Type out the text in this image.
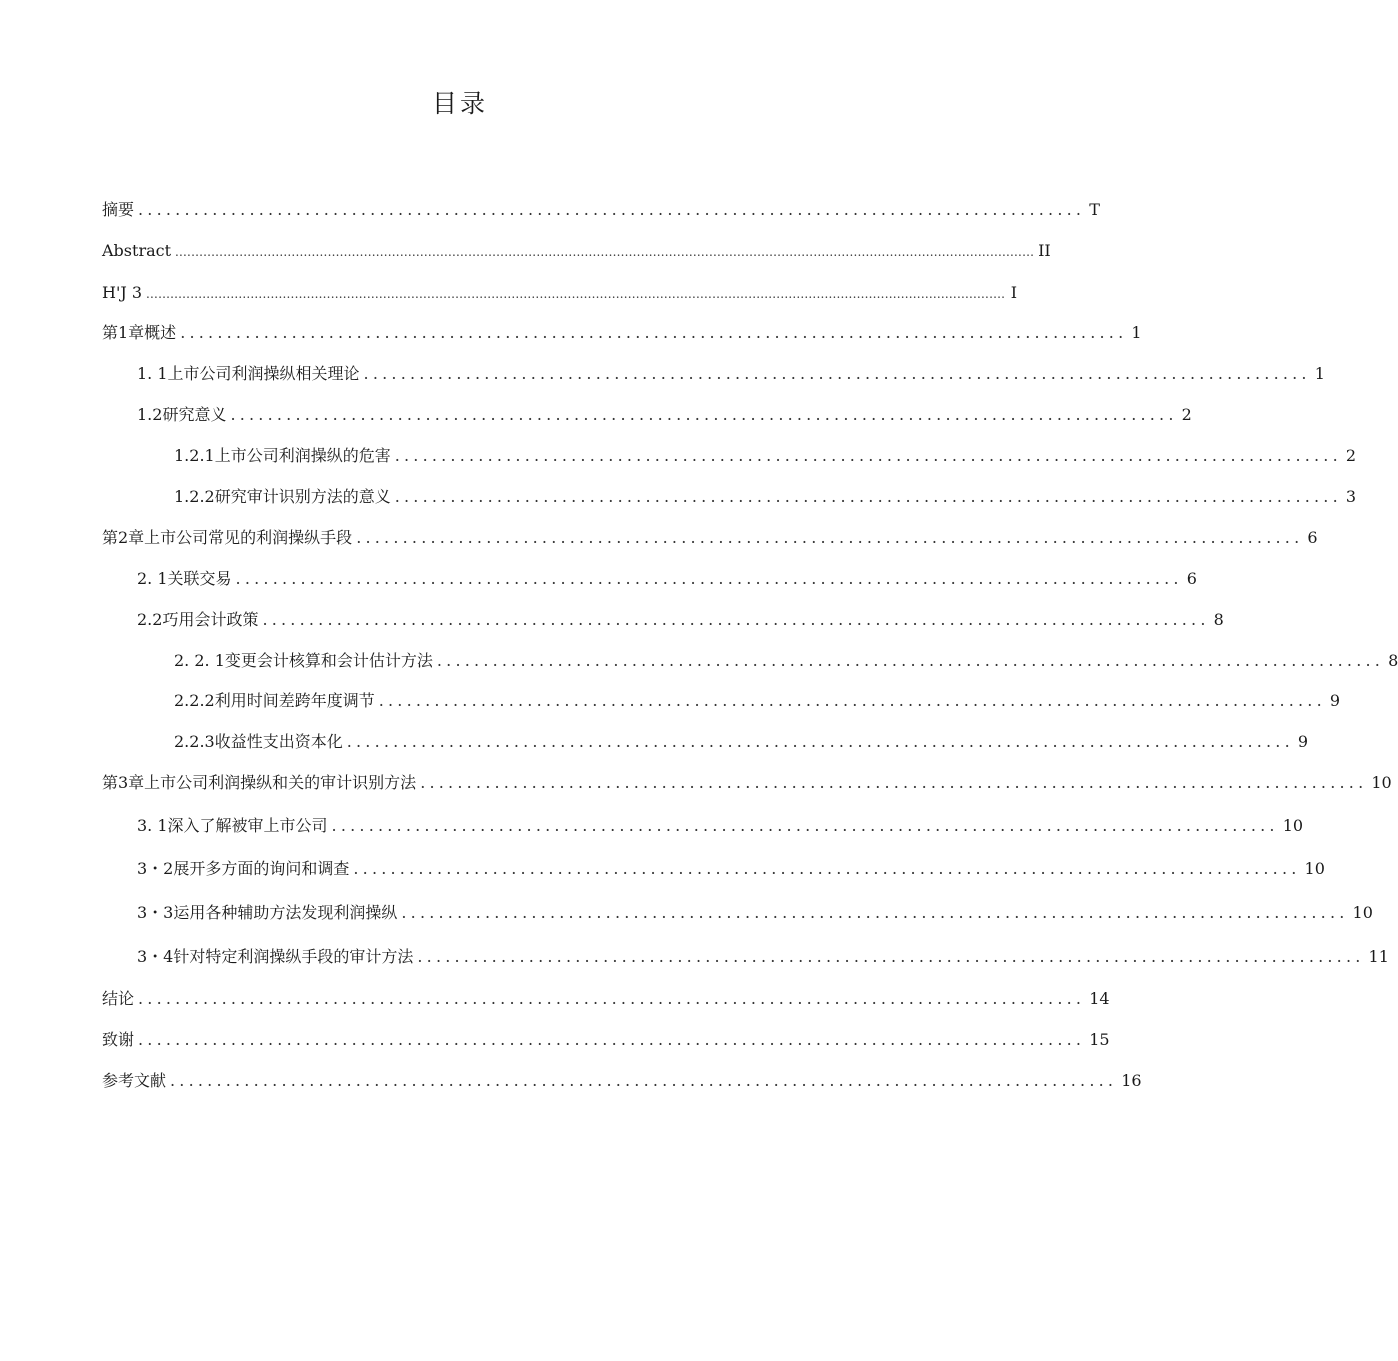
目录
摘要 ...................................................................................................... T
Abstract ...................................................................................................................................................................................................................... II
H'J 3 ...................................................................................................................................................................................................................... I
第1章概述 ...................................................................................................... 1
1. 1上市公司利润操纵相关理论 ...................................................................................................... 1
1.2研究意义 ...................................................................................................... 2
1.2.1上市公司利润操纵的危害 ...................................................................................................... 2
1.2.2研究审计识别方法的意义 ...................................................................................................... 3
第2章上市公司常见的利润操纵手段 ...................................................................................................... 6
2. 1关联交易 ...................................................................................................... 6
2.2巧用会计政策 ...................................................................................................... 8
2. 2. 1变更会计核算和会计估计方法 ...................................................................................................... 8
2.2.2利用时间差跨年度调节 ...................................................................................................... 9
2.2.3收益性支出资本化 ...................................................................................................... 9
第3章上市公司利润操纵和关的审计识别方法 ...................................................................................................... 10
3. 1深入了解被审上市公司 ...................................................................................................... 10
3・2展开多方面的询问和调查 ...................................................................................................... 10
3・3运用各种辅助方法发现利润操纵 ...................................................................................................... 10
3・4针对特定利润操纵手段的审计方法 ...................................................................................................... 11
结论 ...................................................................................................... 14
致谢 ...................................................................................................... 15
参考文献 ...................................................................................................... 16
